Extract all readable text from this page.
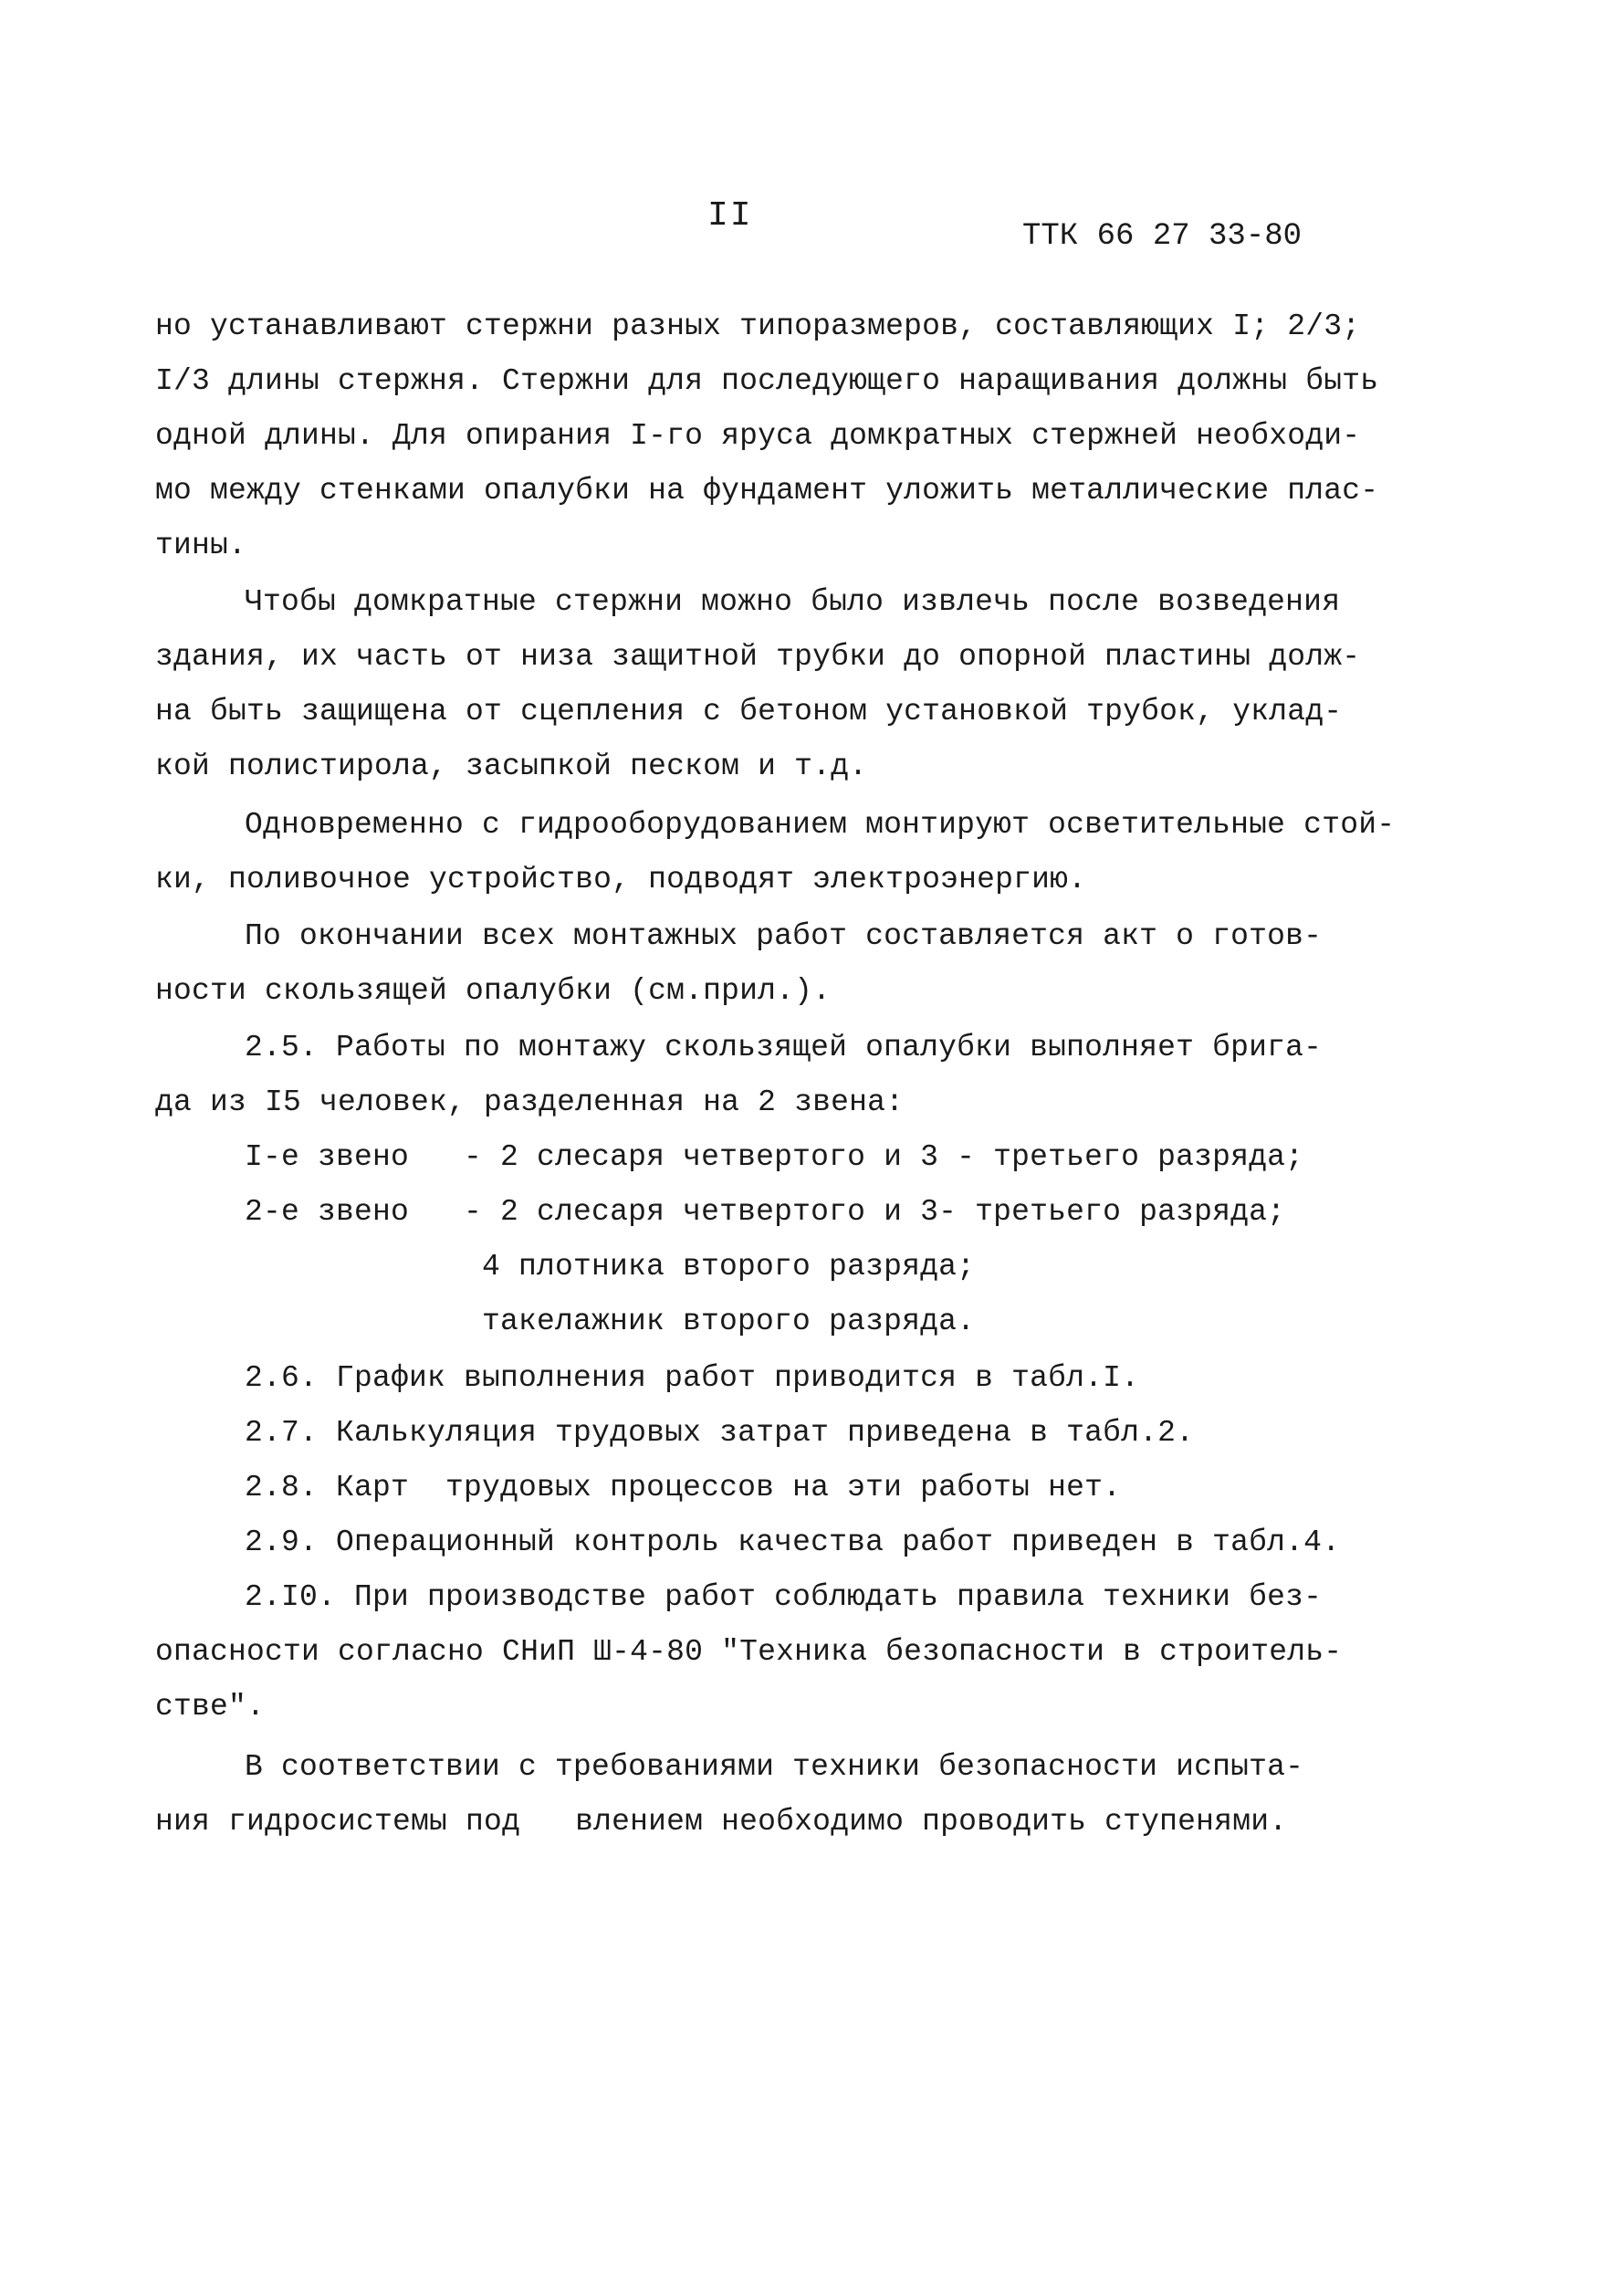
II
ТТК 66 27 33-80
но устанавливают стержни разных типоразмеров, составляющих I; 2/3;
I/3 длины стержня. Стержни для последующего наращивания должны быть
одной длины. Для опирания I-го яруса домкратных стержней необходи-
мо между стенками опалубки на фундамент уложить металлические плас-
тины.
Чтобы домкратные стержни можно было извлечь после возведения
здания, их часть от низа защитной трубки до опорной пластины долж-
на быть защищена от сцепления с бетоном установкой трубок, уклад-
кой полистирола, засыпкой песком и т.д.
Одновременно с гидрооборудованием монтируют осветительные стой-
ки, поливочное устройство, подводят электроэнергию.
По окончании всех монтажных работ составляется акт о готов-
ности скользящей опалубки (см.прил.).
2.5. Работы по монтажу скользящей опалубки выполняет брига-
да из I5 человек, разделенная на 2 звена:
I-е звено   - 2 слесаря четвертого и 3 - третьего разряда;
2-е звено   - 2 слесаря четвертого и 3- третьего разряда;
4 плотника второго разряда;
такелажник второго разряда.
2.6. График выполнения работ приводится в табл.I.
2.7. Калькуляция трудовых затрат приведена в табл.2.
2.8. Карт  трудовых процессов на эти работы нет.
2.9. Операционный контроль качества работ приведен в табл.4.
2.I0. При производстве работ соблюдать правила техники без-
опасности согласно СНиП Ш-4-80 "Техника безопасности в строитель-
стве".
В соответствии с требованиями техники безопасности испыта-
ния гидросистемы под   влением необходимо проводить ступенями.
